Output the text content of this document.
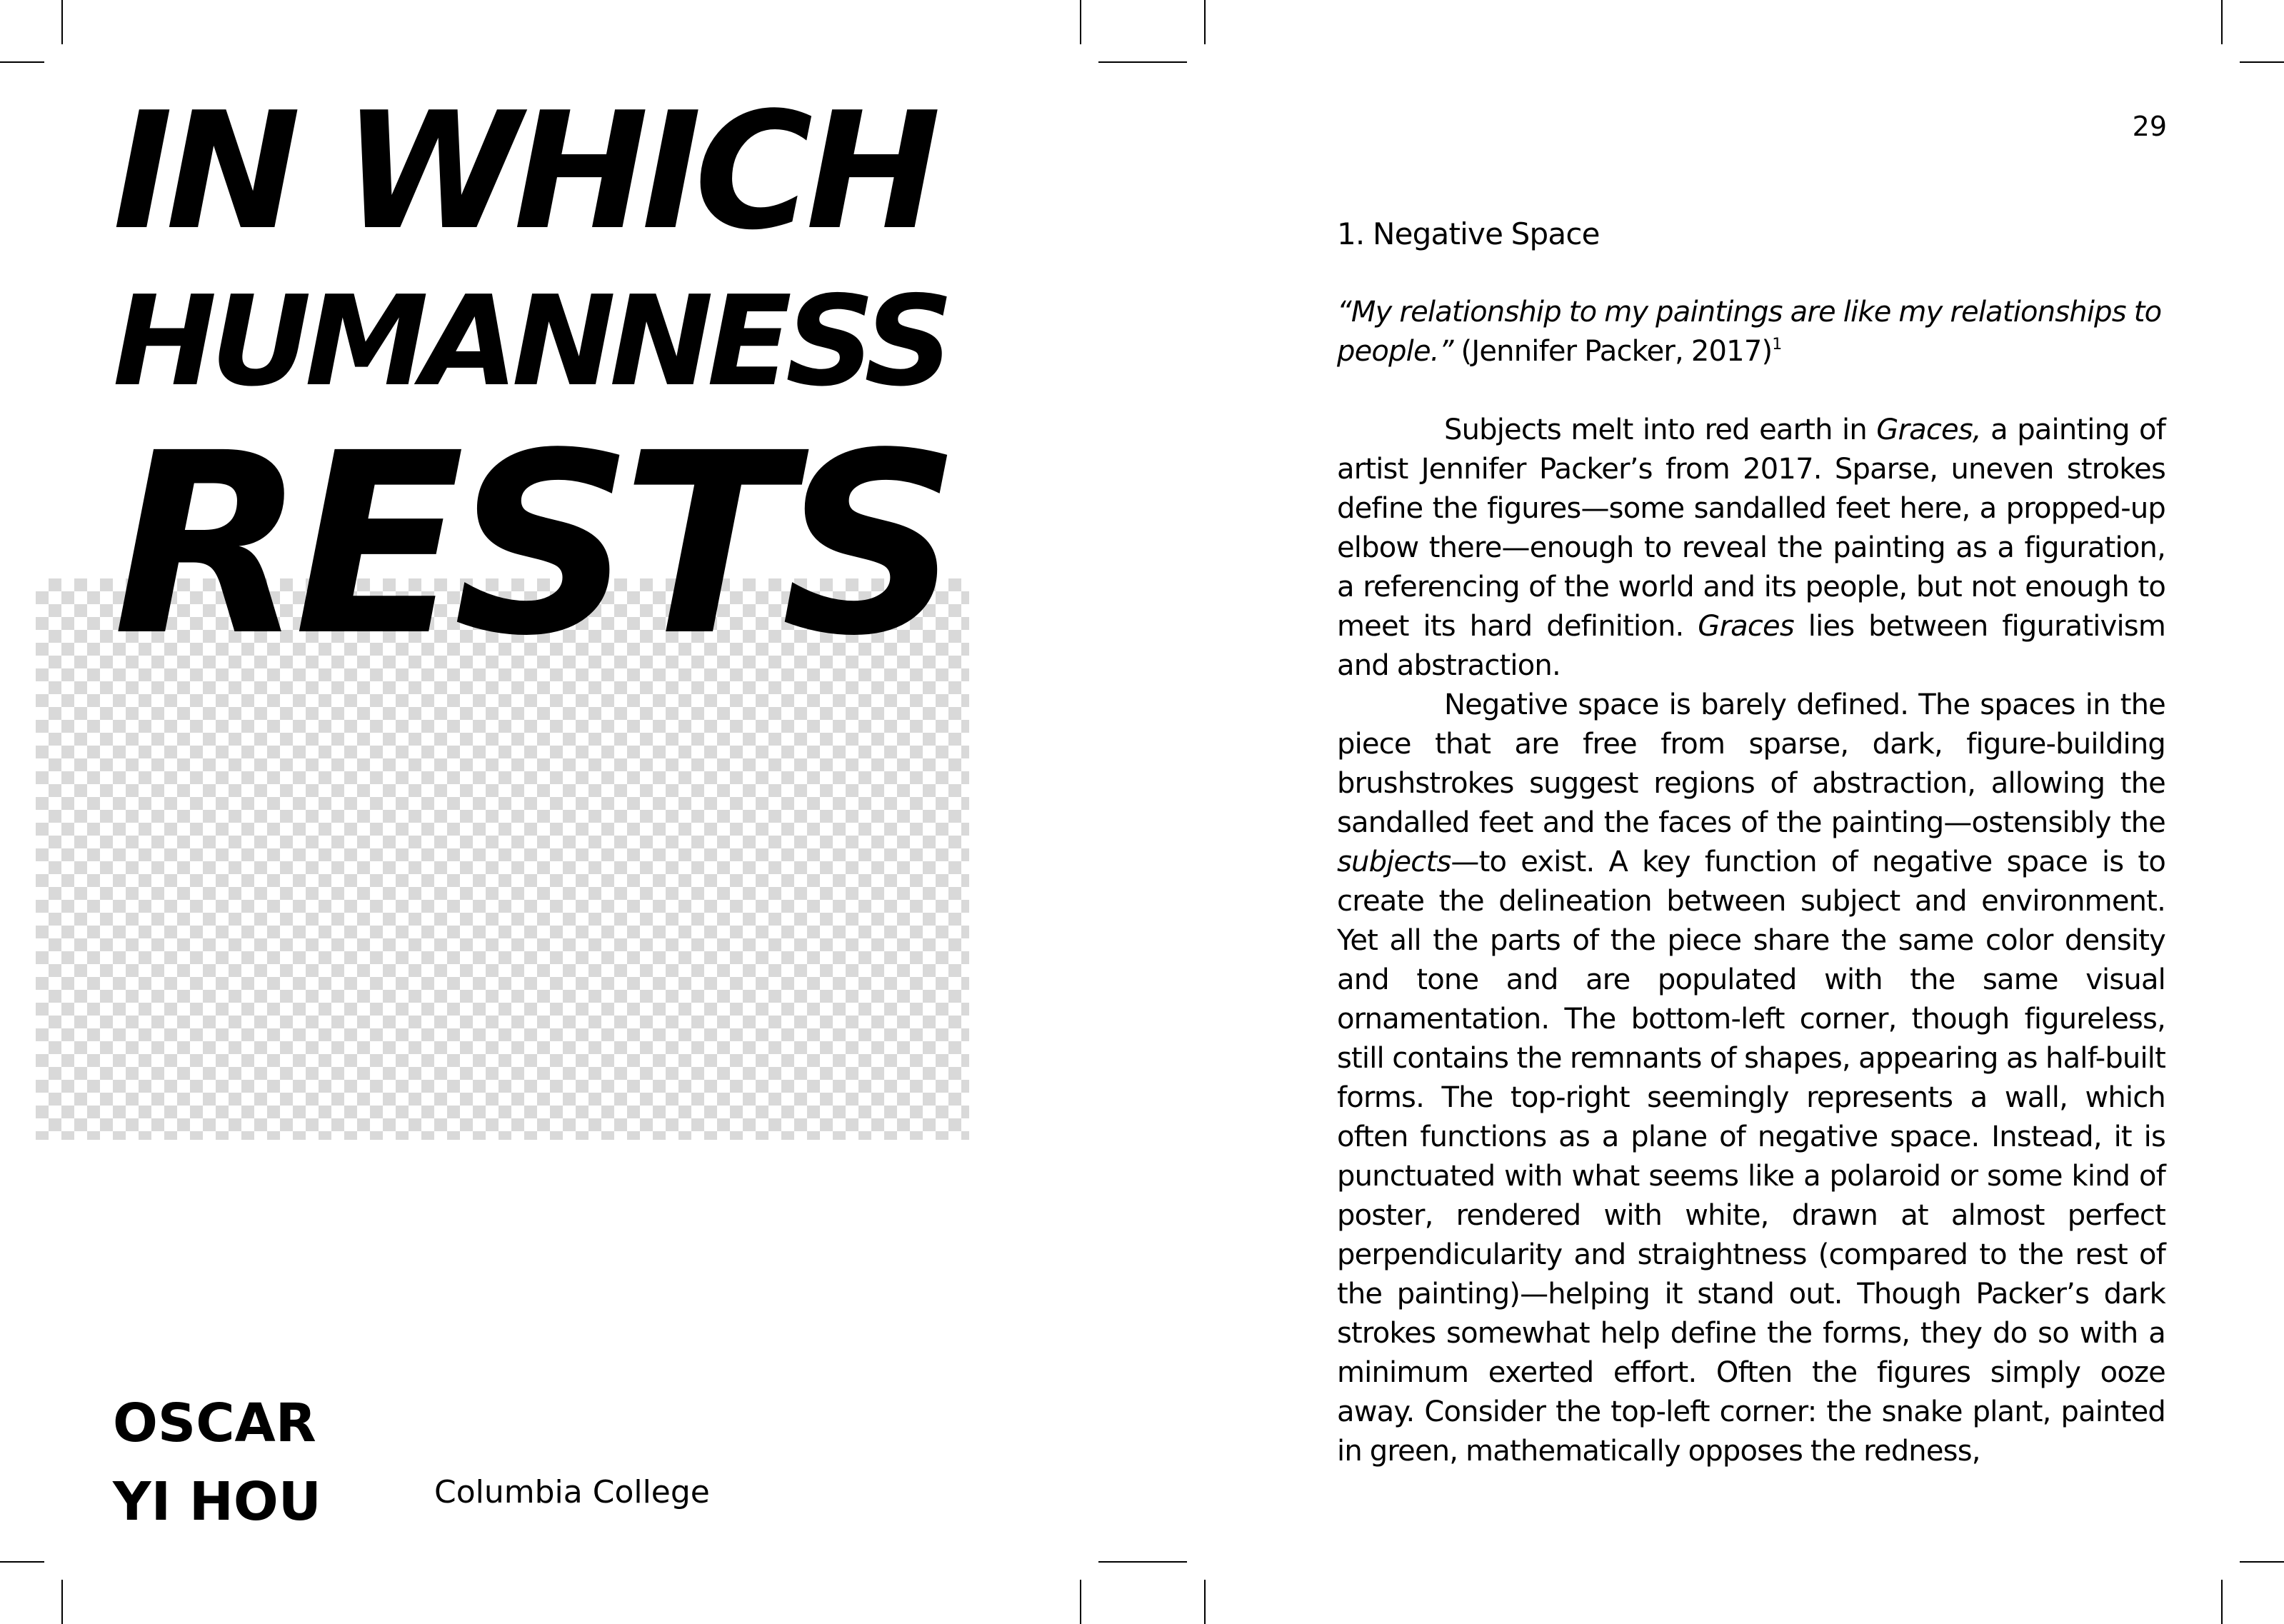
IN WHICH
HUMANNESS
RESTS
OSCAR
YI HOU	Columbia College
29

1. Negative Space

“My relationship to my paintings are like my relationships to people.” (Jennifer Packer, 2017)$^1$

Subjects melt into red earth in Graces, a painting of artist Jennifer Packer’s from 2017. Sparse, uneven strokes define the figures—some sandalled feet here, a propped-up elbow there—enough to reveal the painting as a figuration, a referencing of the world and its people, but not enough to meet its hard definition. Graces lies between figurativism and abstraction.

Negative space is barely defined. The spaces in the piece that are free from sparse, dark, figure-building brushstrokes suggest regions of abstraction, allowing the sandalled feet and the faces of the painting—ostensibly the subjects—to exist. A key function of negative space is to create the delineation between subject and environment. Yet all the parts of the piece share the same color density and tone and are populated with the same visual ornamentation. The bottom-left corner, though figureless, still contains the remnants of shapes, appearing as half-built forms. The top-right seemingly represents a wall, which often functions as a plane of negative space. Instead, it is punctuated with what seems like a polaroid or some kind of poster, rendered with white, drawn at almost perfect perpendicularity and straightness (compared to the rest of the painting)—helping it stand out. Though Packer’s dark strokes somewhat help define the forms, they do so with a minimum exerted effort. Often the figures simply ooze away. Consider the top-left corner: the snake plant, painted in green, mathematically opposes the redness,
